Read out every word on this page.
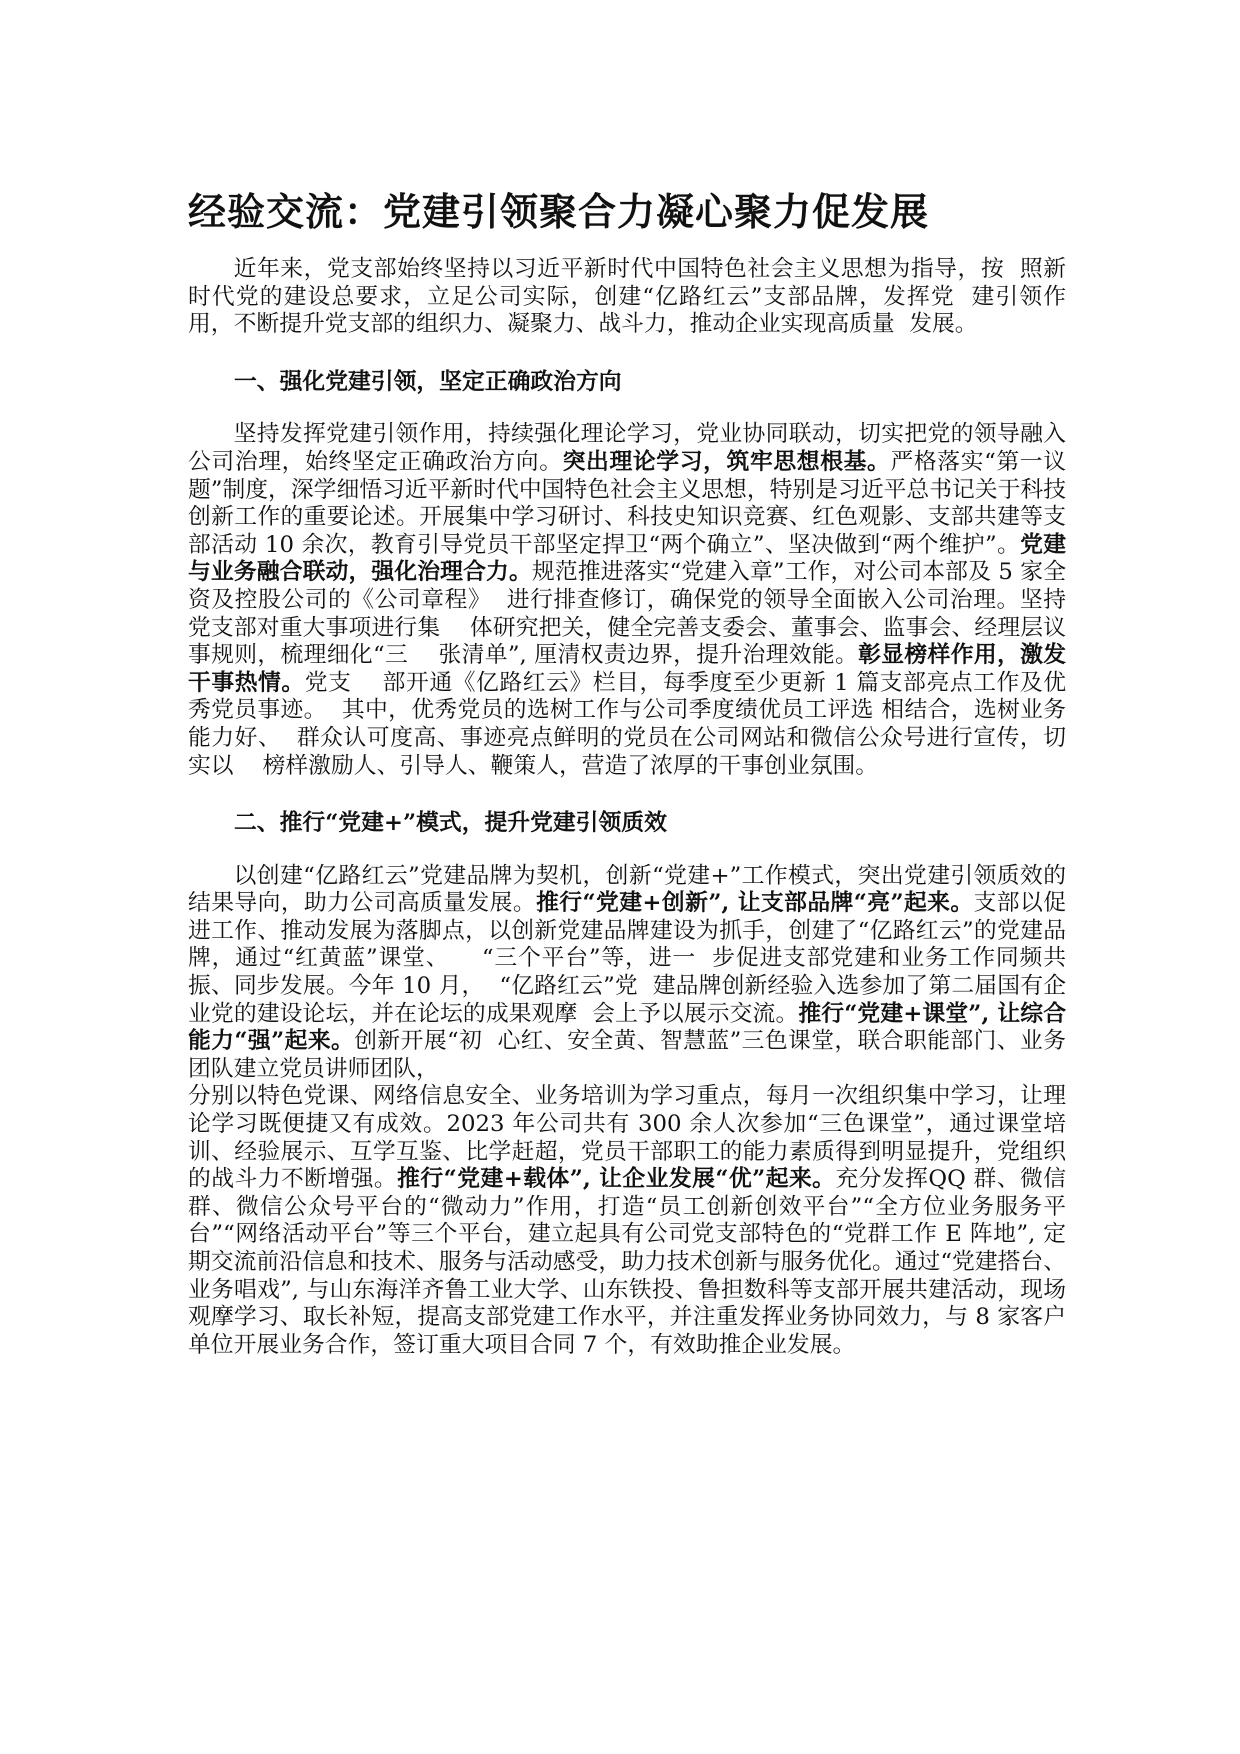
经验交流：党建引领聚合力凝心聚力促发展

近年来，党支部始终坚持以习近平新时代中国特色社会主义思想为指导，按  照新时代党的建设总要求，立足公司实际，创建“亿路红云”支部品牌，发挥党  建引领作用，不断提升党支部的组织力、凝聚力、战斗力，推动企业实现高质量  发展。

一、强化党建引领，坚定正确政治方向

坚持发挥党建引领作用，持续强化理论学习，党业协同联动，切实把党的领导融入公司治理，始终坚定正确政治方向。突出理论学习，筑牢思想根基。严格落实“第一议题”制度，深学细悟习近平新时代中国特色社会主义思想，特别是习近平总书记关于科技创新工作的重要论述。开展集中学习研讨、科技史知识竞赛、红色观影、支部共建等支部活动 10 余次，教育引导党员干部坚定捍卫“两个确立”、坚决做到“两个维护”。党建与业务融合联动，强化治理合力。规范推进落实“党建入章”工作，对公司本部及 5 家全资及控股公司的《公司章程》  进行排查修订，确保党的领导全面嵌入公司治理。坚持党支部对重大事项进行集    体研究把关，健全完善支委会、董事会、监事会、经理层议事规则，梳理细化“三    张清单”, 厘清权责边界，提升治理效能。彰显榜样作用，激发干事热情。党支    部开通《亿路红云》栏目，每季度至少更新 1 篇支部亮点工作及优秀党员事迹。  其中，优秀党员的选树工作与公司季度绩优员工评选 相结合，选树业务能力好、  群众认可度高、事迹亮点鲜明的党员在公司网站和微信公众号进行宣传，切实以    榜样激励人、引导人、鞭策人，营造了浓厚的干事创业氛围。

二、推行“党建+”模式，提升党建引领质效

以创建“亿路红云”党建品牌为契机，创新“党建+”工作模式，突出党建引领质效的结果导向，助力公司高质量发展。推行“党建+创新”, 让支部品牌“亮”起来。支部以促进工作、推动发展为落脚点，以创新党建品牌建设为抓手，创建了“亿路红云”的党建品牌，通过“红黄蓝”课堂、    “三个平台”等，进一  步促进支部党建和业务工作同频共振、同步发展。今年 10 月，  “亿路红云”党  建品牌创新经验入选参加了第二届国有企业党的建设论坛，并在论坛的成果观摩  会上予以展示交流。推行“党建+课堂”, 让综合能力“强”起来。创新开展“初  心红、安全黄、智慧蓝”三色课堂，联合职能部门、业务团队建立党员讲师团队，

分别以特色党课、网络信息安全、业务培训为学习重点，每月一次组织集中学习，让理论学习既便捷又有成效。2023 年公司共有 300 余人次参加“三色课堂”，通过课堂培训、经验展示、互学互鉴、比学赶超，党员干部职工的能力素质得到明显提升，党组织的战斗力不断增强。推行“党建+载体”, 让企业发展“优”起来。充分发挥QQ 群、微信群、微信公众号平台的“微动力”作用，打造“员工创新创效平台”“全方位业务服务平台”“网络活动平台”等三个平台，建立起具有公司党支部特色的“党群工作 E 阵地”, 定期交流前沿信息和技术、服务与活动感受，助力技术创新与服务优化。通过“党建搭台、业务唱戏”, 与山东海洋齐鲁工业大学、山东铁投、鲁担数科等支部开展共建活动，现场观摩学习、取长补短，提高支部党建工作水平，并注重发挥业务协同效力，与 8 家客户单位开展业务合作，签订重大项目合同 7 个，有效助推企业发展。
